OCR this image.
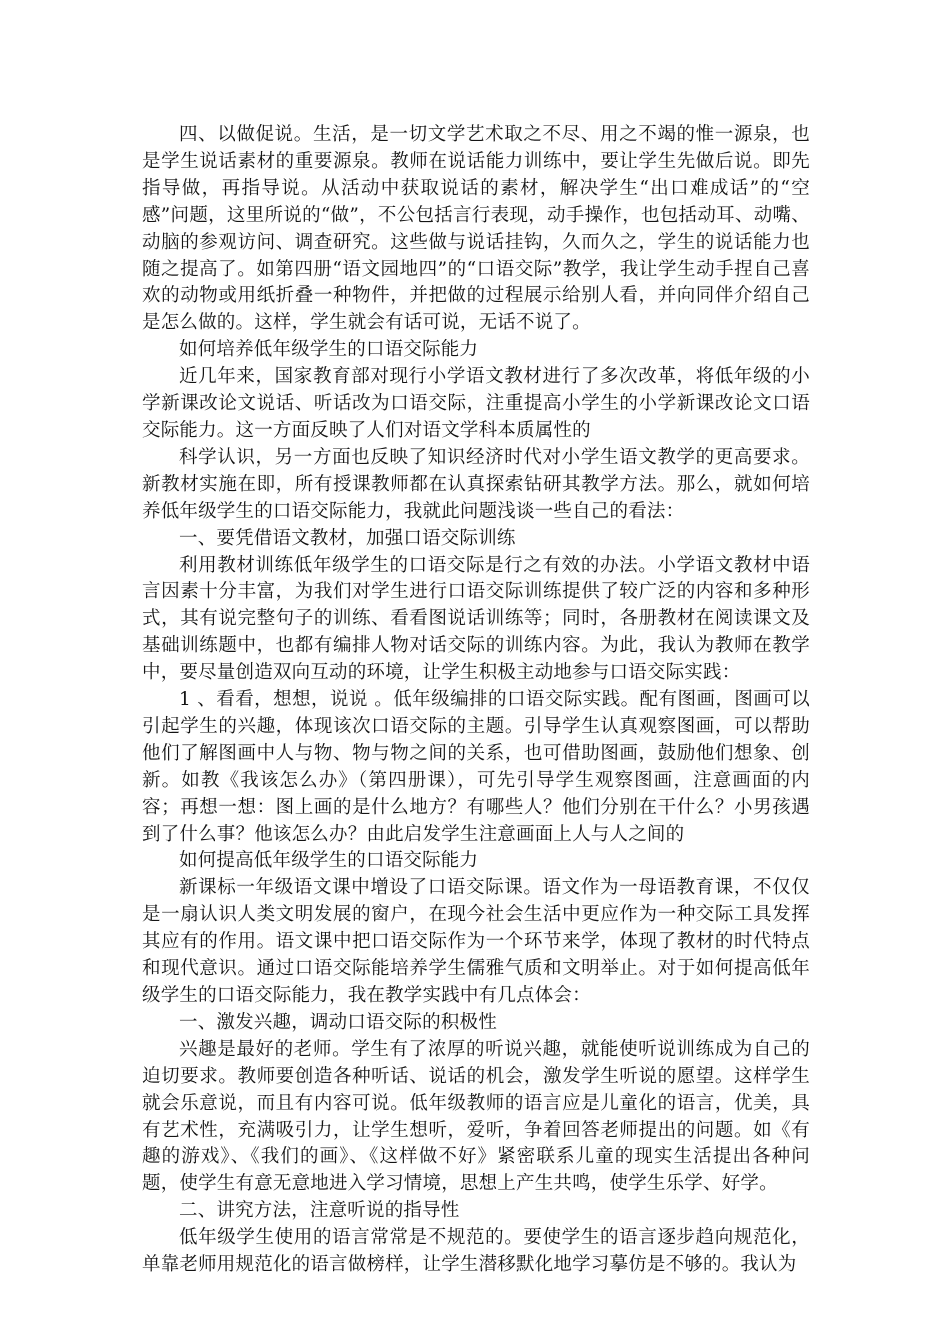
四、以做促说。生活，是一切文学艺术取之不尽、用之不竭的惟一源泉，也是学生说话素材的重要源泉。教师在说话能力训练中，要让学生先做后说。即先指导做，再指导说。从活动中获取说话的素材，解决学生“出口难成话”的“空感”问题，这里所说的“做”，不公包括言行表现，动手操作，也包括动耳、动嘴、动脑的参观访问、调查研究。这些做与说话挂钩，久而久之，学生的说话能力也随之提高了。如第四册“语文园地四”的“口语交际”教学，我让学生动手捏自己喜欢的动物或用纸折叠一种物件，并把做的过程展示给别人看，并向同伴介绍自己是怎么做的。这样，学生就会有话可说，无话不说了。

如何培养低年级学生的口语交际能力

近几年来，国家教育部对现行小学语文教材进行了多次改革，将低年级的小学新课改论文说话、听话改为口语交际，注重提高小学生的小学新课改论文口语交际能力。这一方面反映了人们对语文学科本质属性的

科学认识，另一方面也反映了知识经济时代对小学生语文教学的更高要求。新教材实施在即，所有授课教师都在认真探索钻研其教学方法。那么，就如何培养低年级学生的口语交际能力，我就此问题浅谈一些自己的看法：

一、要凭借语文教材，加强口语交际训练

利用教材训练低年级学生的口语交际是行之有效的办法。小学语文教材中语言因素十分丰富，为我们对学生进行口语交际训练提供了较广泛的内容和多种形式，其有说完整句子的训练、看看图说话训练等；同时，各册教材在阅读课文及基础训练题中，也都有编排人物对话交际的训练内容。为此，我认为教师在教学中，要尽量创造双向互动的环境，让学生积极主动地参与口语交际实践：

1 、看看，想想，说说 。低年级编排的口语交际实践。配有图画，图画可以引起学生的兴趣，体现该次口语交际的主题。引导学生认真观察图画，可以帮助他们了解图画中人与物、物与物之间的关系，也可借助图画，鼓励他们想象、创新。如教《我该怎么办》（第四册课），可先引导学生观察图画，注意画面的内容；再想一想：图上画的是什么地方？有哪些人？他们分别在干什么？小男孩遇到了什么事？他该怎么办？由此启发学生注意画面上人与人之间的

如何提高低年级学生的口语交际能力

新课标一年级语文课中增设了口语交际课。语文作为一母语教育课，不仅仅是一扇认识人类文明发展的窗户，在现今社会生活中更应作为一种交际工具发挥其应有的作用。语文课中把口语交际作为一个环节来学，体现了教材的时代特点和现代意识。通过口语交际能培养学生儒雅气质和文明举止。对于如何提高低年级学生的口语交际能力，我在教学实践中有几点体会：

一、激发兴趣，调动口语交际的积极性

兴趣是最好的老师。学生有了浓厚的听说兴趣，就能使听说训练成为自己的迫切要求。教师要创造各种听话、说话的机会，激发学生听说的愿望。这样学生就会乐意说，而且有内容可说。低年级教师的语言应是儿童化的语言，优美，具有艺术性，充满吸引力，让学生想听，爱听，争着回答老师提出的问题。如《有趣的游戏》、《我们的画》、《这样做不好》紧密联系儿童的现实生活提出各种问题，使学生有意无意地进入学习情境，思想上产生共鸣，使学生乐学、好学。

二、讲究方法，注意听说的指导性

低年级学生使用的语言常常是不规范的。要使学生的语言逐步趋向规范化，单靠老师用规范化的语言做榜样，让学生潜移默化地学习摹仿是不够的。我认为
